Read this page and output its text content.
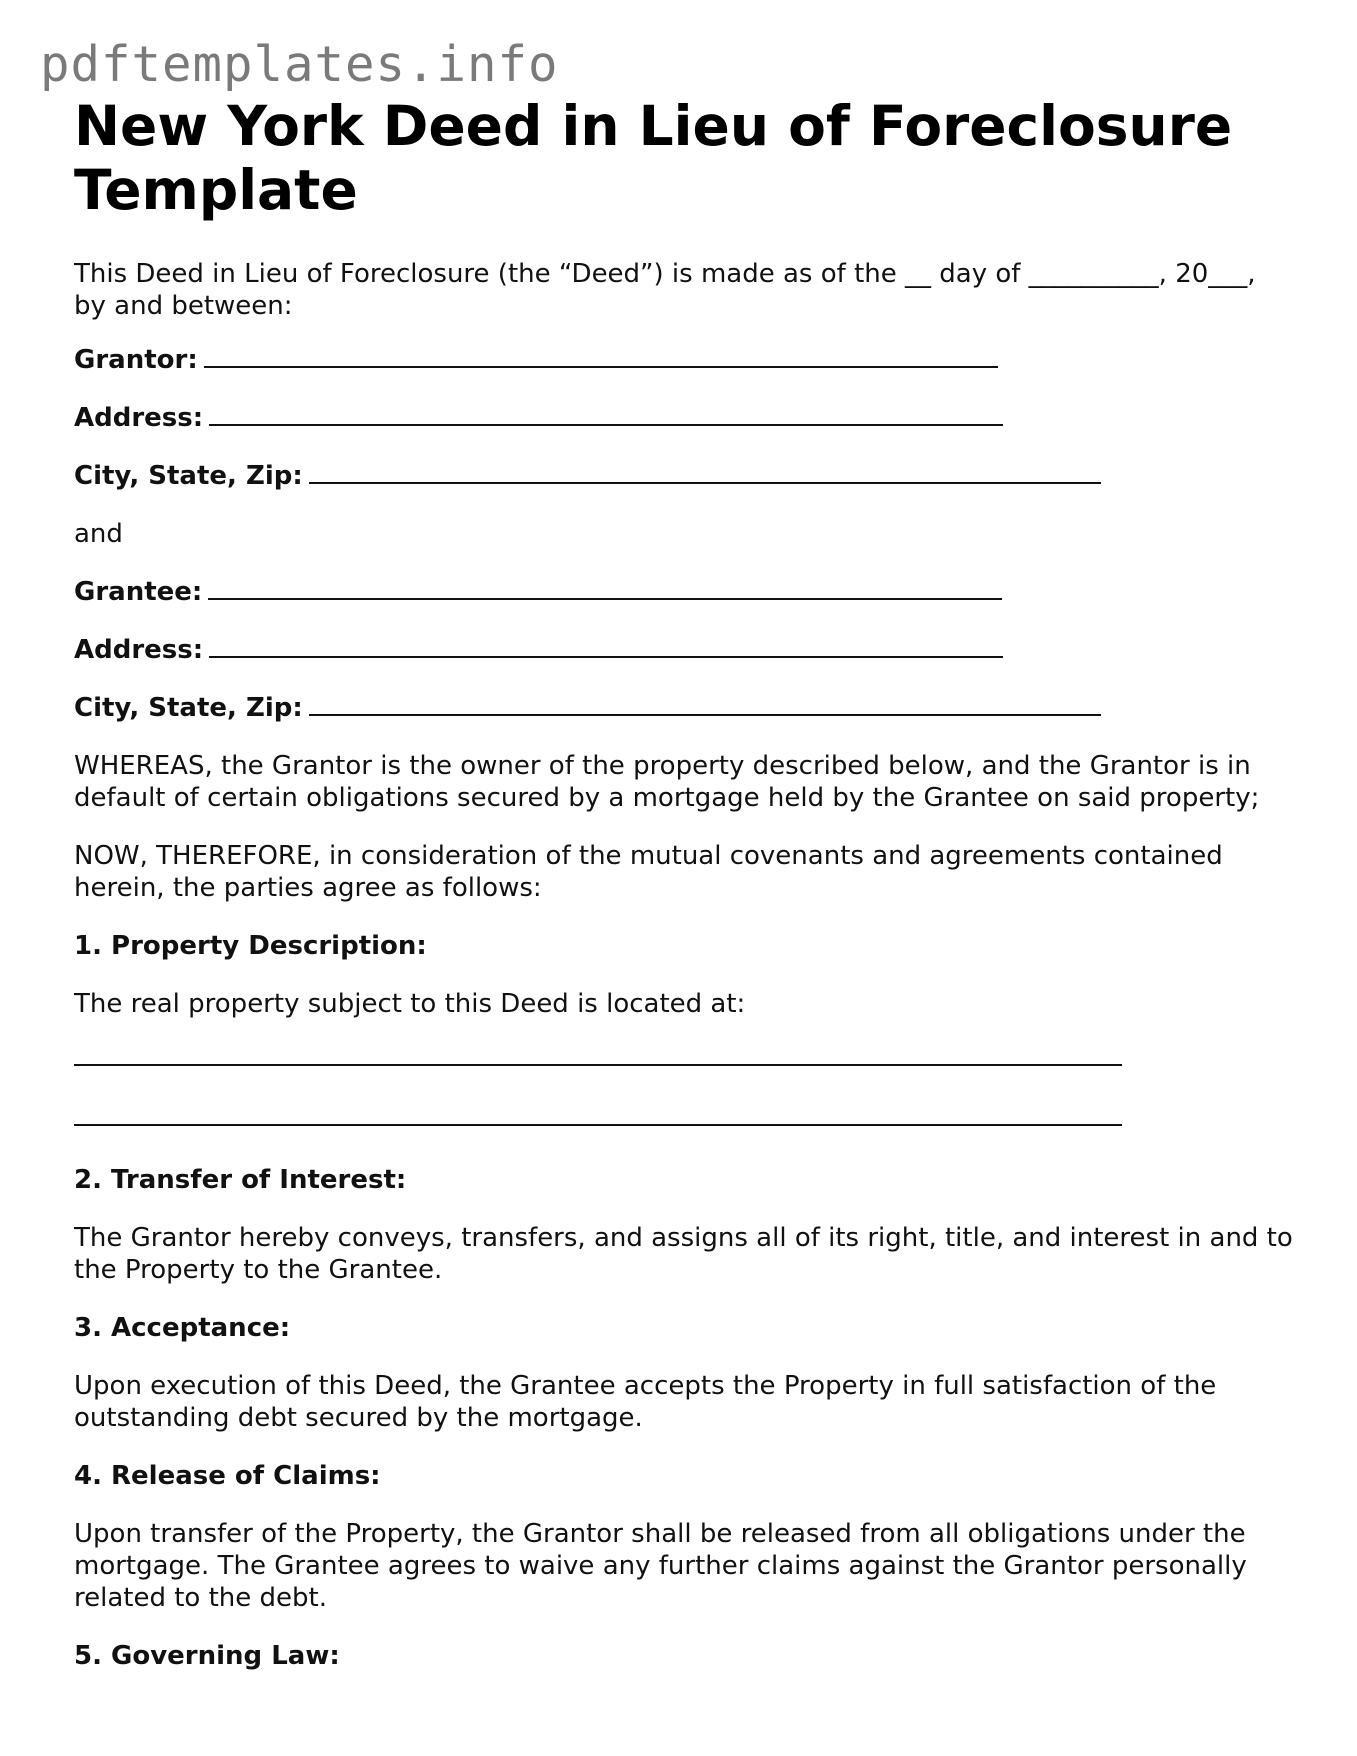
pdftemplates.info
New York Deed in Lieu of Foreclosure Template
This Deed in Lieu of Foreclosure (the “Deed”) is made as of the __ day of __________, 20___, by and between:
Grantor:
Address:
City, State, Zip:
and
Grantee:
Address:
City, State, Zip:
WHEREAS, the Grantor is the owner of the property described below, and the Grantor is in default of certain obligations secured by a mortgage held by the Grantee on said property;
NOW, THEREFORE, in consideration of the mutual covenants and agreements contained herein, the parties agree as follows:
1. Property Description:
The real property subject to this Deed is located at:
2. Transfer of Interest:
The Grantor hereby conveys, transfers, and assigns all of its right, title, and interest in and to the Property to the Grantee.
3. Acceptance:
Upon execution of this Deed, the Grantee accepts the Property in full satisfaction of the outstanding debt secured by the mortgage.
4. Release of Claims:
Upon transfer of the Property, the Grantor shall be released from all obligations under the mortgage. The Grantee agrees to waive any further claims against the Grantor personally related to the debt.
5. Governing Law:
